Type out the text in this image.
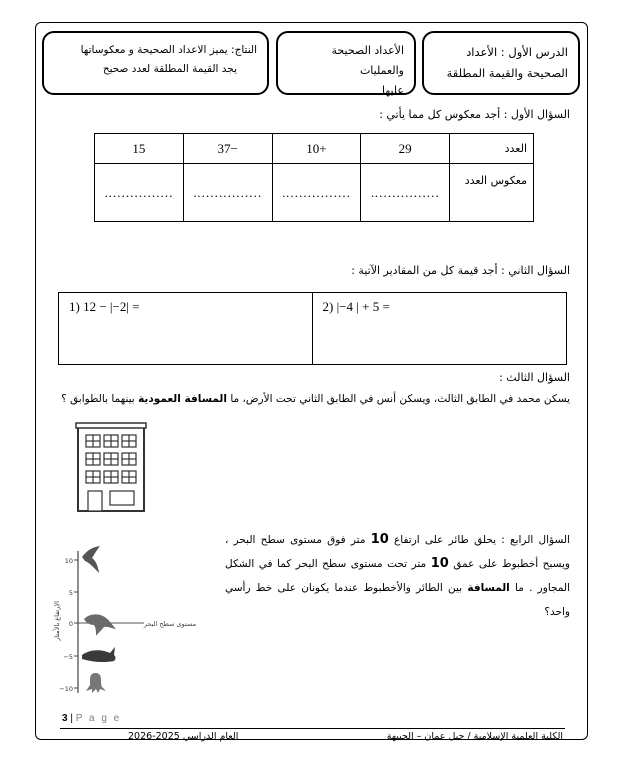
الدرس الأول : الأعداد
الصحيحة والقيمة المطلقة
الأعداد الصحيحة والعمليات
عليها
النتاج: يميز الاعداد الصحيحة و معكوساتها
يجد القيمة المطلقة لعدد صحيح
السؤال الأول : أجد معكوس كل مما يأتي :
العدد	29	+10	−37	15
معكوس العدد	…………….	…………….	…………….	…………….
السؤال الثاني : أجد قيمة كل من المقادير الآتية :
1) 12 − |−2| =	2) |−4 | + 5 =
السؤال الثالث :
يسكن محمد في الطابق الثالث، ويسكن أنس في الطابق الثاني تحت الأرض، ما المسافة العمودية بينهما بالطوابق ؟
السؤال الرابع : يحلق طائر على ارتفاع 10 متر فوق مستوى سطح البحر ، ويسبح أخطبوط على عمق 10 متر تحت مستوى سطح البحر كما في الشكل المجاور . ما المسافة بين الطائر والأخطبوط عندما يكونان على خط رأسي واحد؟
10
5
0
−5
−10
الإرتفاع بالأمتار	مستوى سطح البحر
3 | P a g e
العام الدراسي 2025-2026	الكلية العلمية الإسلامية / جبل عمان – الجبيهة
